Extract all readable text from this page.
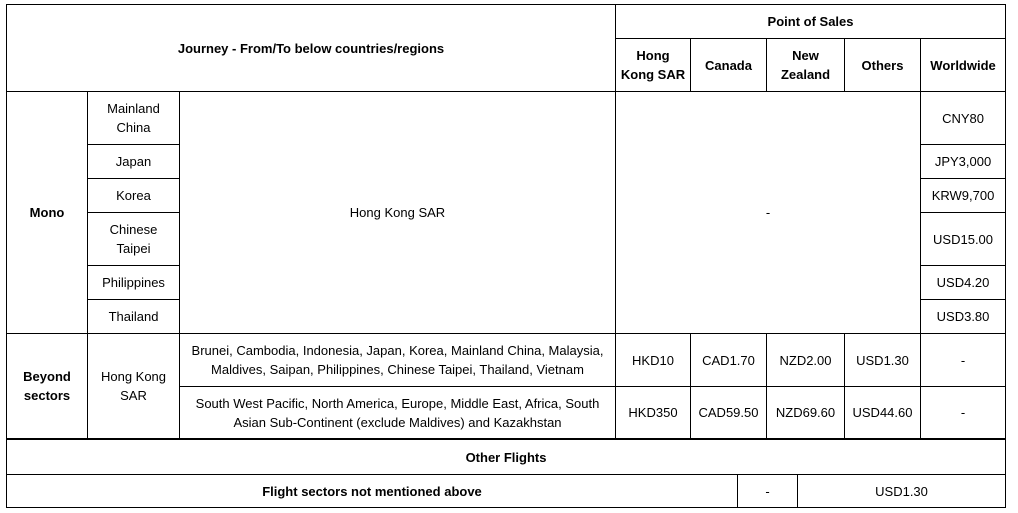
Journey - From/To below countries/regions			Point of Sales				
			Hong Kong SAR	Canada	New Zealand	Others	Worldwide
Mono	Mainland China	Hong Kong SAR	-				CNY80
	Japan						JPY3,000
	Korea						KRW9,700
	Chinese Taipei						USD15.00
	Philippines						USD4.20
	Thailand						USD3.80
Beyond sectors	Hong Kong SAR	Brunei, Cambodia, Indonesia, Japan, Korea, Mainland China, Malaysia, Maldives, Saipan, Philippines, Chinese Taipei, Thailand, Vietnam	HKD10	CAD1.70	NZD2.00	USD1.30	-
		South West Pacific, North America, Europe, Middle East, Africa, South Asian Sub-Continent (exclude Maldives) and Kazakhstan	HKD350	CAD59.50	NZD69.60	USD44.60	-
Other Flights
Flight sectors not mentioned above	-	USD1.30
